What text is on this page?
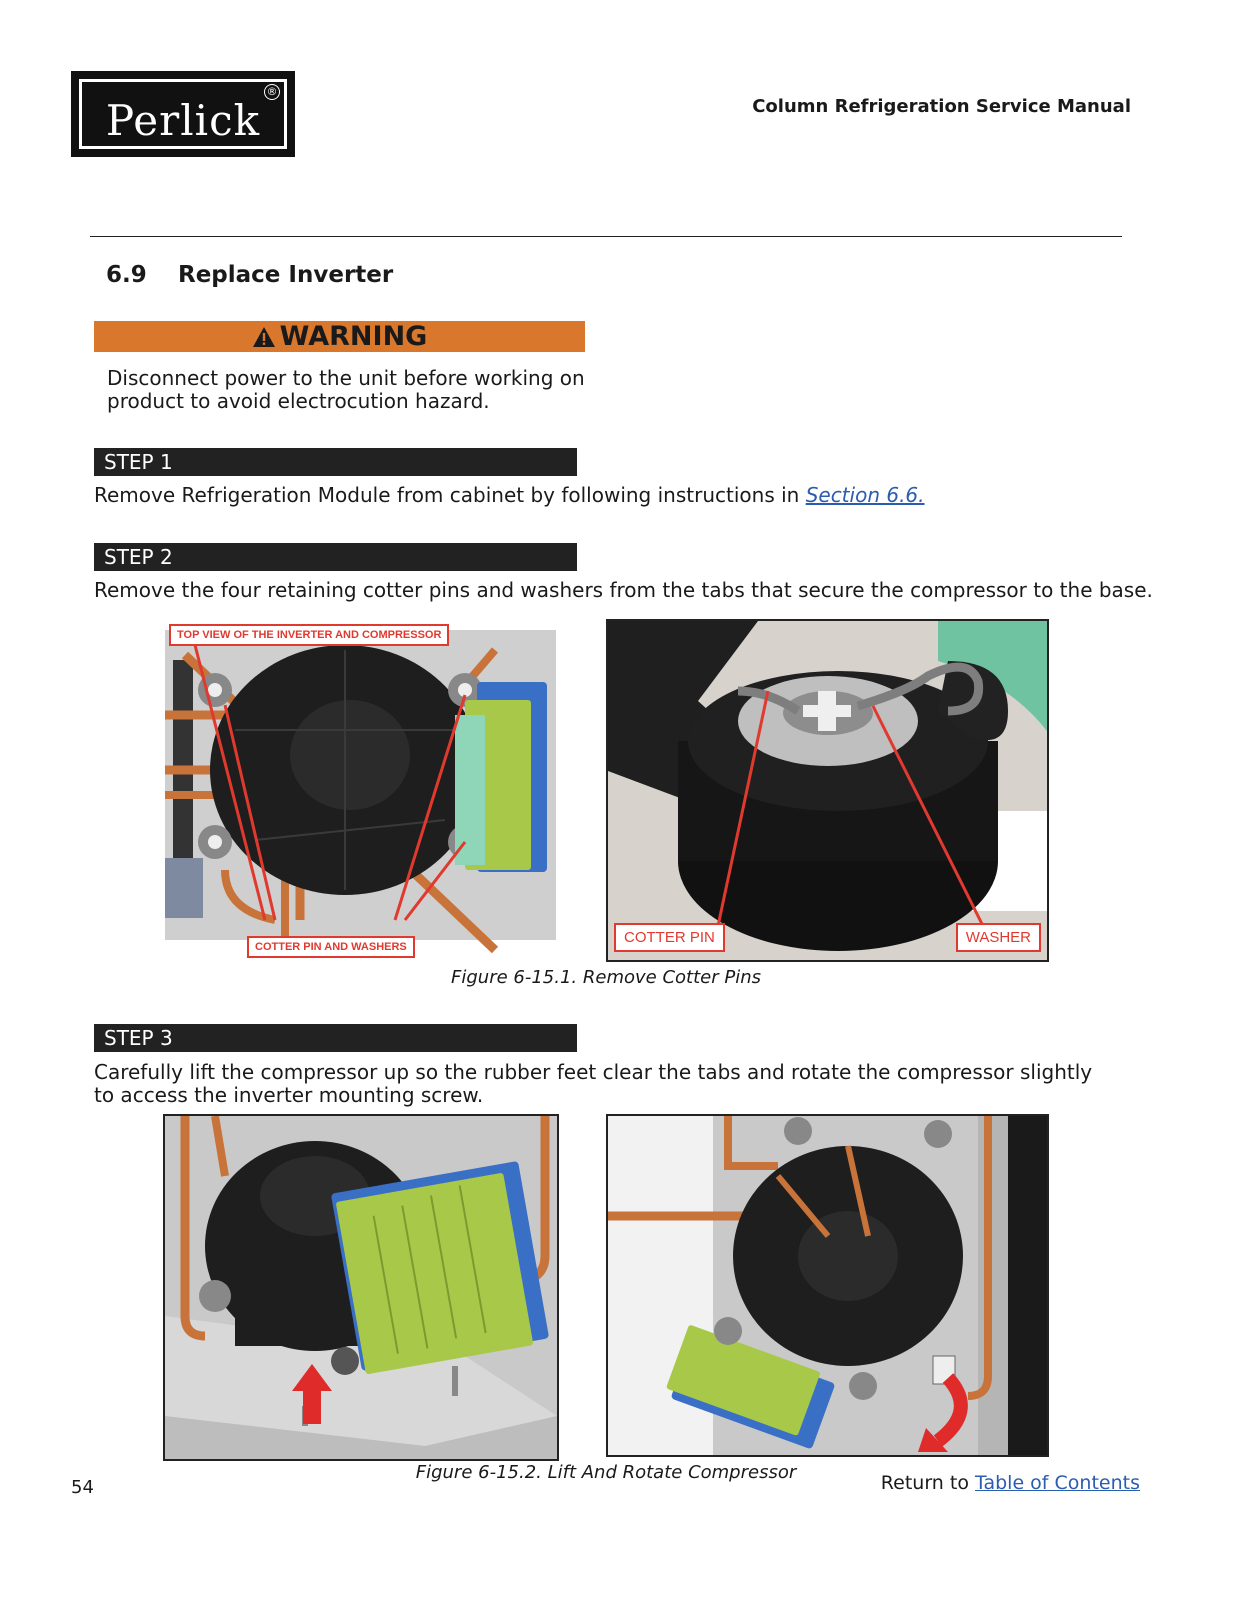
Perlick
®
Column Refrigeration Service Manual
6.9 Replace Inverter
WARNING
Disconnect power to the unit before working on product to avoid electrocution hazard.
STEP 1
Remove Refrigeration Module from cabinet by following instructions in Section 6.6.
STEP 2
Remove the four retaining cotter pins and washers from the tabs that secure the compressor to the base.
TOP VIEW OF THE INVERTER AND COMPRESSOR
COTTER PIN AND WASHERS
COTTER PIN	WASHER
Figure 6-15.1. Remove Cotter Pins
STEP 3
Carefully lift the compressor up so the rubber feet clear the tabs and rotate the compressor slightly to access the inverter mounting screw.
Figure 6-15.2. Lift And Rotate Compressor
54	Return to Table of Contents
